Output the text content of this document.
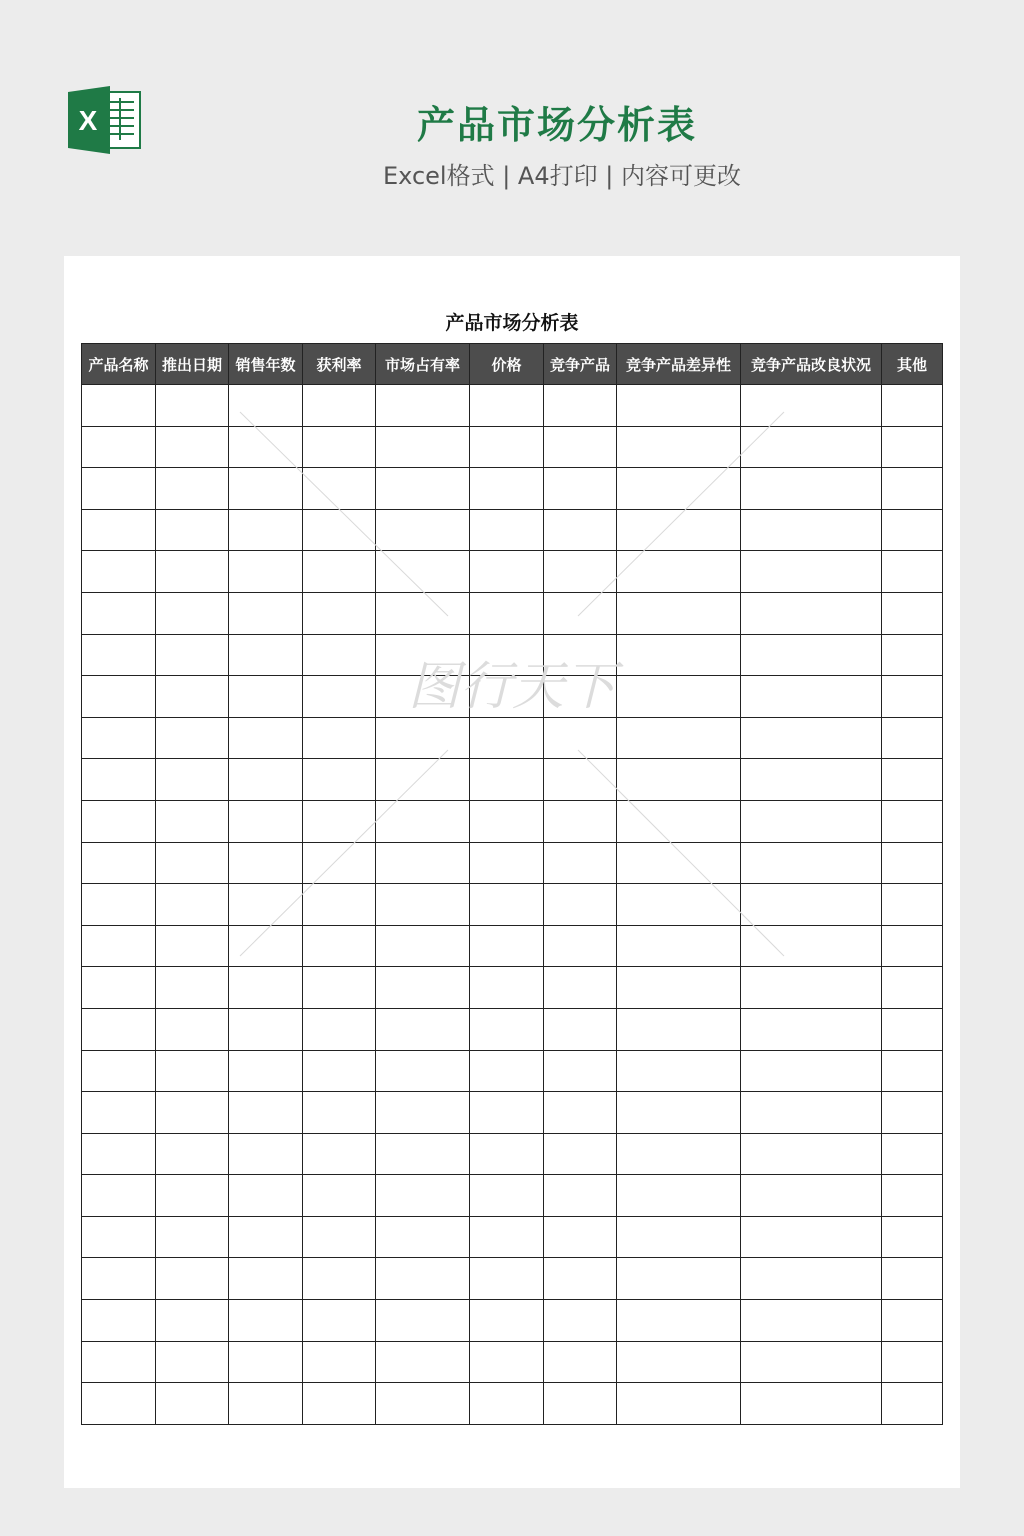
X	产品市场分析表
Excel格式 | A4打印 | 内容可更改
产品市场分析表
产品名称	推出日期	销售年数	获利率	市场占有率	价格	竞争产品	竞争产品差异性	竞争产品改良状况	其他

图行天下
